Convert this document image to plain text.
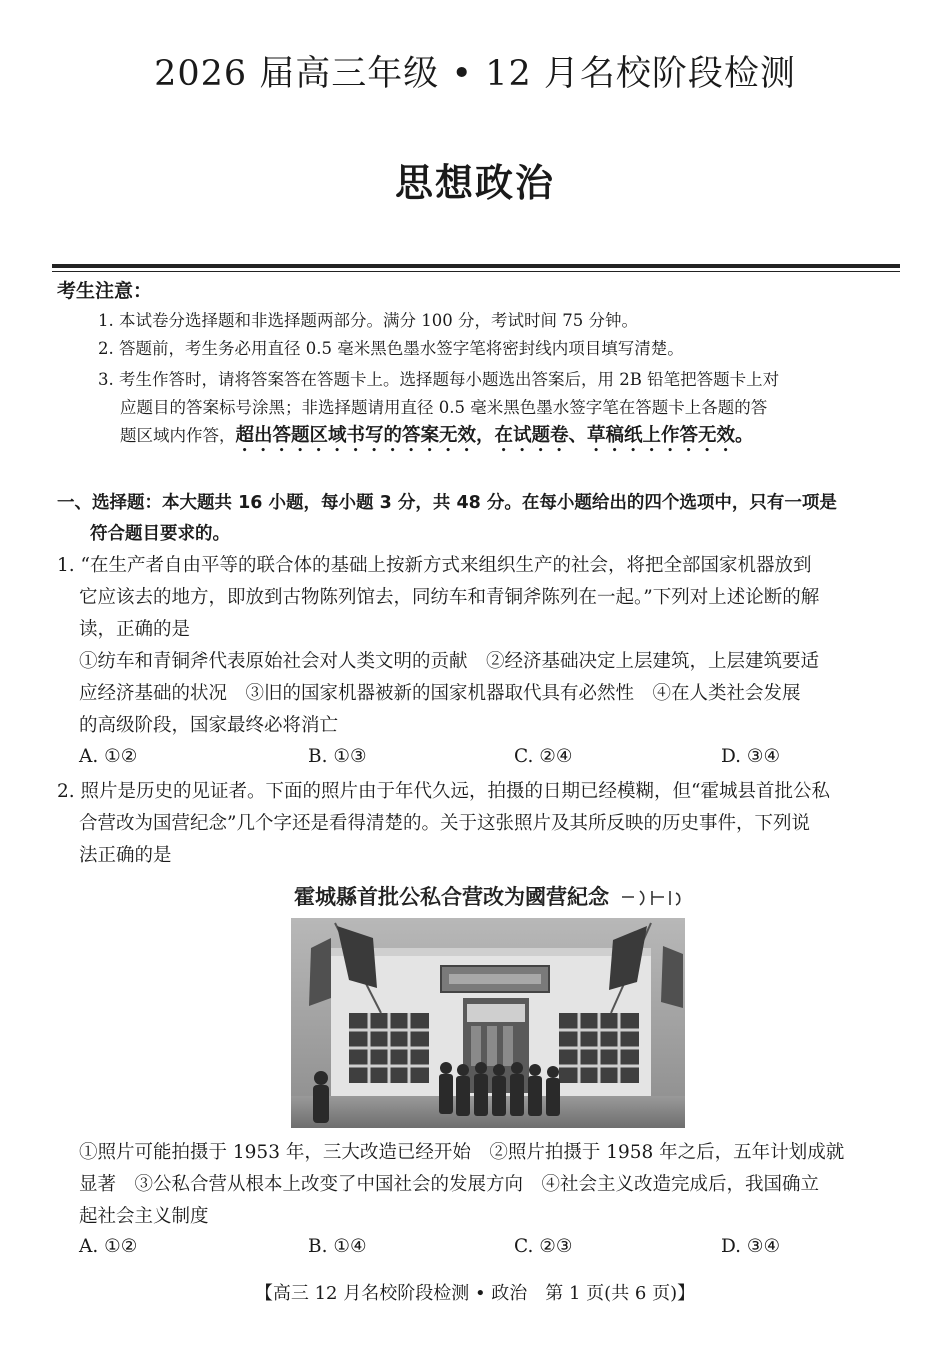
2026 届高三年级 • 12 月名校阶段检测
思想政治
考生注意：
1. 本试卷分选择题和非选择题两部分。满分 100 分，考试时间 75 分钟。
2. 答题前，考生务必用直径 0.5 毫米黑色墨水签字笔将密封线内项目填写清楚。
3. 考生作答时，请将答案答在答题卡上。选择题每小题选出答案后，用 2B 铅笔把答题卡上对
应题目的答案标号涂黑；非选择题请用直径 0.5 毫米黑色墨水签字笔在答题卡上各题的答
题区域内作答，超出答题区域书写的答案无效，在试题卷、草稿纸上作答无效。
一、选择题：本大题共 16 小题，每小题 3 分，共 48 分。在每小题给出的四个选项中，只有一项是
符合题目要求的。
1. “在生产者自由平等的联合体的基础上按新方式来组织生产的社会，将把全部国家机器放到
它应该去的地方，即放到古物陈列馆去，同纺车和青铜斧陈列在一起。”下列对上述论断的解
读，正确的是
①纺车和青铜斧代表原始社会对人类文明的贡献　②经济基础决定上层建筑，上层建筑要适
应经济基础的状况　③旧的国家机器被新的国家机器取代具有必然性　④在人类社会发展
的高级阶段，国家最终必将消亡
A. ①②	B. ①③	C. ②④	D. ③④
2. 照片是历史的见证者。下面的照片由于年代久远，拍摄的日期已经模糊，但“霍城县首批公私
合营改为国营纪念”几个字还是看得清楚的。关于这张照片及其所反映的历史事件，下列说
法正确的是
霍城縣首批公私合营改为國营紀念
①照片可能拍摄于 1953 年，三大改造已经开始　②照片拍摄于 1958 年之后，五年计划成就
显著　③公私合营从根本上改变了中国社会的发展方向　④社会主义改造完成后，我国确立
起社会主义制度
A. ①②	B. ①④	C. ②③	D. ③④
【高三 12 月名校阶段检测 • 政治　第 1 页(共 6 页)】
